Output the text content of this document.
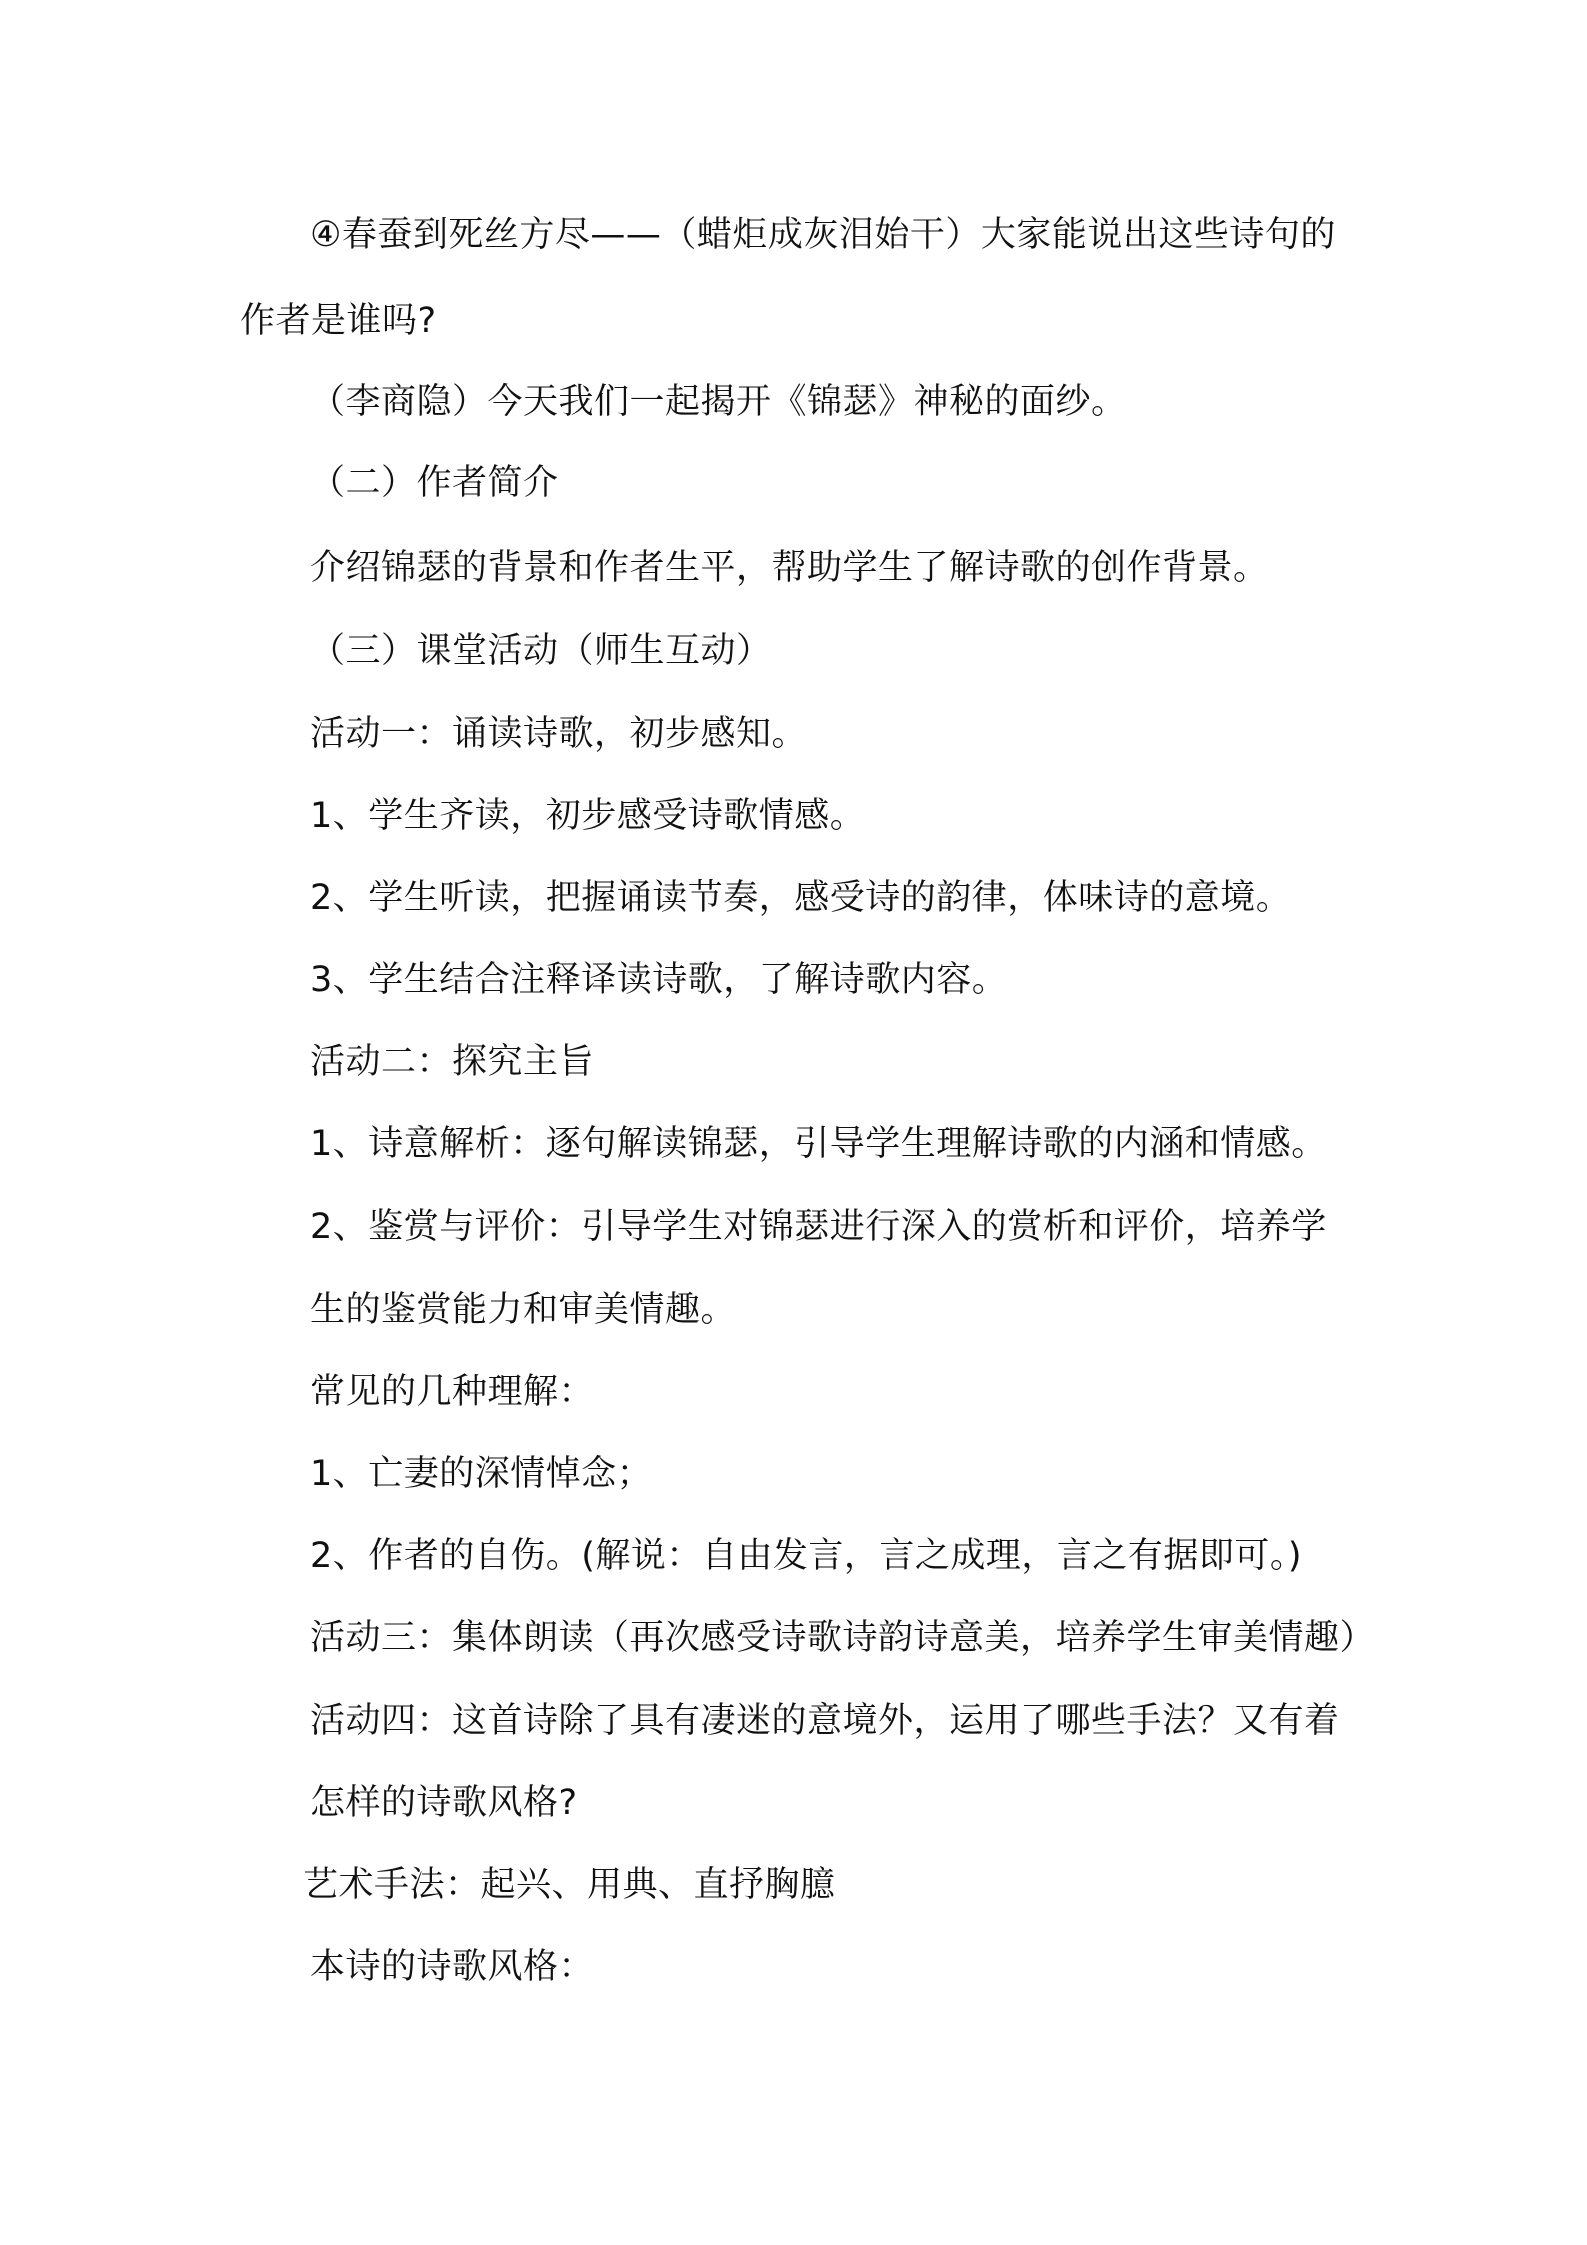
④春蚕到死丝方尽——（蜡炬成灰泪始干）大家能说出这些诗句的
作者是谁吗?
（李商隐）今天我们一起揭开《锦瑟》神秘的面纱。
（二）作者简介
介绍锦瑟的背景和作者生平，帮助学生了解诗歌的创作背景。
（三）课堂活动（师生互动）
活动一：诵读诗歌，初步感知。
1、学生齐读，初步感受诗歌情感。
2、学生听读，把握诵读节奏，感受诗的韵律，体味诗的意境。
3、学生结合注释译读诗歌，了解诗歌内容。
活动二：探究主旨
1、诗意解析：逐句解读锦瑟，引导学生理解诗歌的内涵和情感。
2、鉴赏与评价：引导学生对锦瑟进行深入的赏析和评价，培养学
生的鉴赏能力和审美情趣。
常见的几种理解：
1、亡妻的深情悼念；
2、作者的自伤。(解说：自由发言，言之成理，言之有据即可。)
活动三：集体朗读（再次感受诗歌诗韵诗意美，培养学生审美情趣）
活动四：这首诗除了具有凄迷的意境外，运用了哪些手法？又有着
怎样的诗歌风格?
艺术手法：起兴、用典、直抒胸臆
本诗的诗歌风格：
